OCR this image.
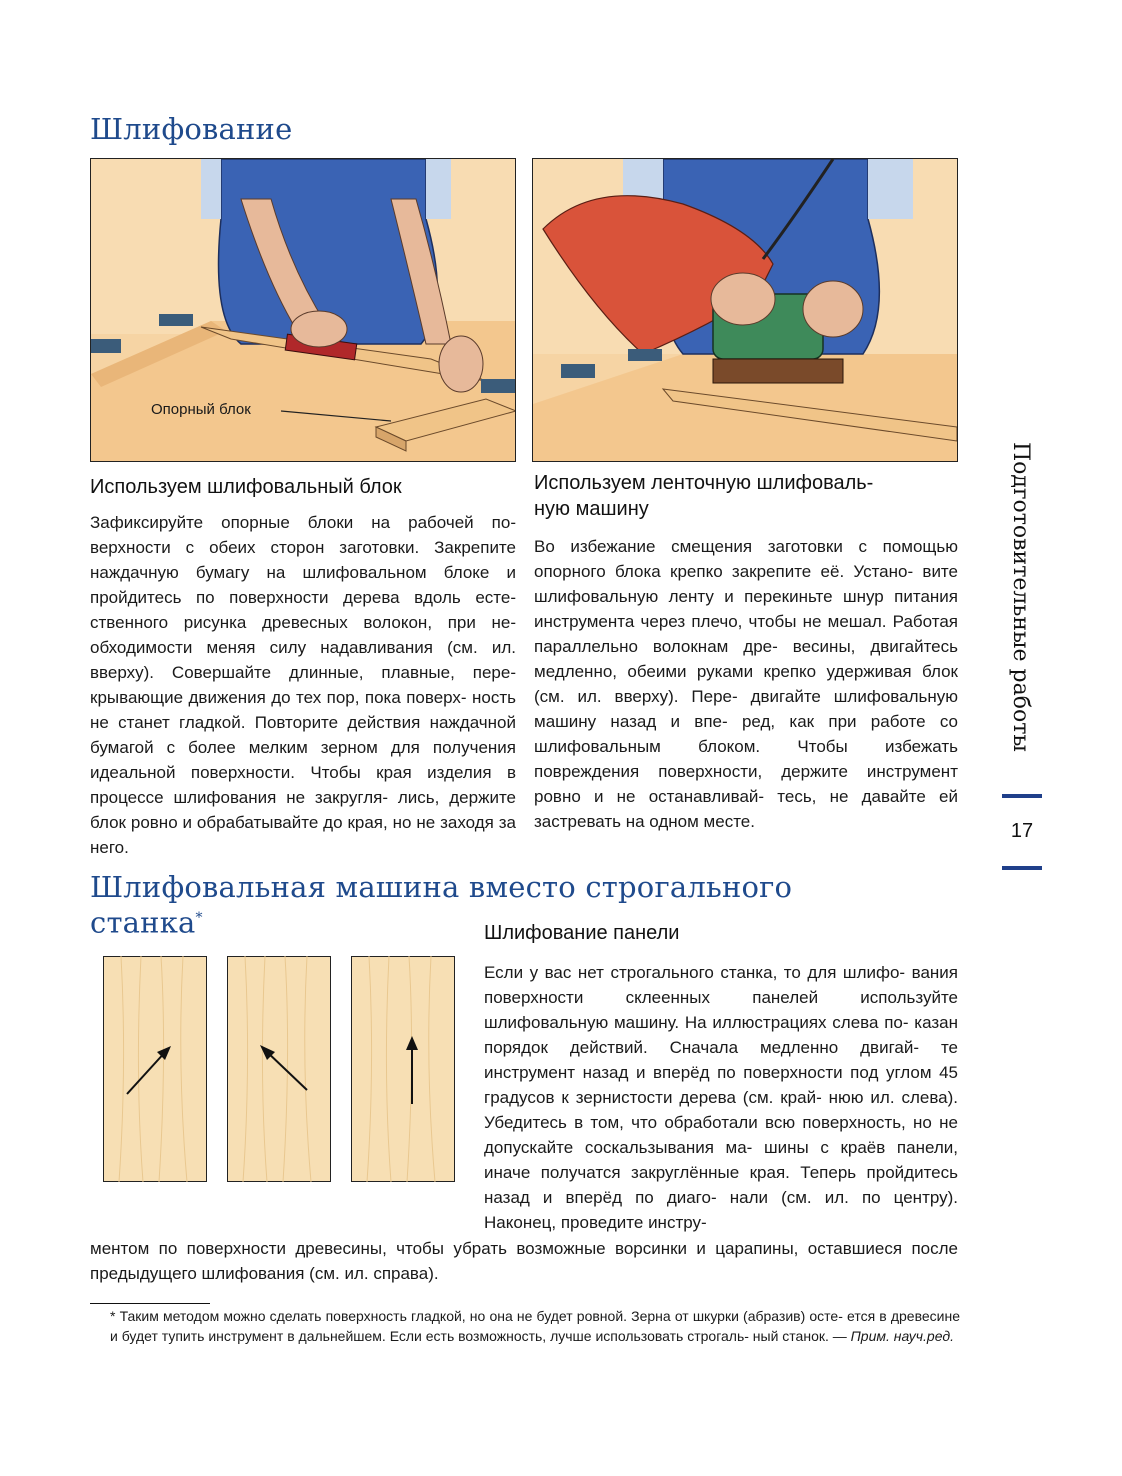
Шлифование
Опорный блок
Используем шлифовальный блок

Зафиксируйте опорные блоки на рабочей по- верхности с обеих сторон заготовки. Закрепите наждачную бумагу на шлифовальном блоке и пройдитесь по поверхности дерева вдоль есте- ственного рисунка древесных волокон, при не- обходимости меняя силу надавливания (см. ил. вверху). Совершайте длинные, плавные, пере- крывающие движения до тех пор, пока поверх- ность не станет гладкой. Повторите действия наждачной бумагой с более мелким зерном для получения идеальной поверхности. Чтобы края изделия в процессе шлифования не закругля- лись, держите блок ровно и обрабатывайте до края, но не заходя за него.

Используем ленточную шлифоваль-
ную машину

Во избежание смещения заготовки с помощью опорного блока крепко закрепите её. Устано- вите шлифовальную ленту и перекиньте шнур питания инструмента через плечо, чтобы не мешал. Работая параллельно волокнам дре- весины, двигайтесь медленно, обеими руками крепко удерживая блок (см. ил. вверху). Пере- двигайте шлифовальную машину назад и впе- ред, как при работе со шлифовальным блоком. Чтобы избежать повреждения поверхности, держите инструмент ровно и не останавливай- тесь, не давайте ей застревать на одном месте.

Подготовительные работы
17
Шлифовальная машина вместо строгального
станка*
Шлифование панели

Если у вас нет строгального станка, то для шлифо- вания поверхности склеенных панелей используйте шлифовальную машину. На иллюстрациях слева по- казан порядок действий. Сначала медленно двигай- те инструмент назад и вперёд по поверхности под углом 45 градусов к зернистости дерева (см. край- нюю ил. слева). Убедитесь в том, что обработали всю поверхность, но не допускайте соскальзывания ма- шины с краёв панели, иначе получатся закруглённые края. Теперь пройдитесь назад и вперёд по диаго- нали (см. ил. по центру). Наконец, проведите инстру-

ментом по поверхности древесины, чтобы убрать возможные ворсинки и царапины, оставшиеся после предыдущего шлифования (см. ил. справа).

* Таким методом можно сделать поверхность гладкой, но она не будет ровной. Зерна от шкурки (абразив) осте- ется в древесине и будет тупить инструмент в дальнейшем. Если есть возможность, лучше использовать строгаль- ный станок. — Прим. науч.ред.
